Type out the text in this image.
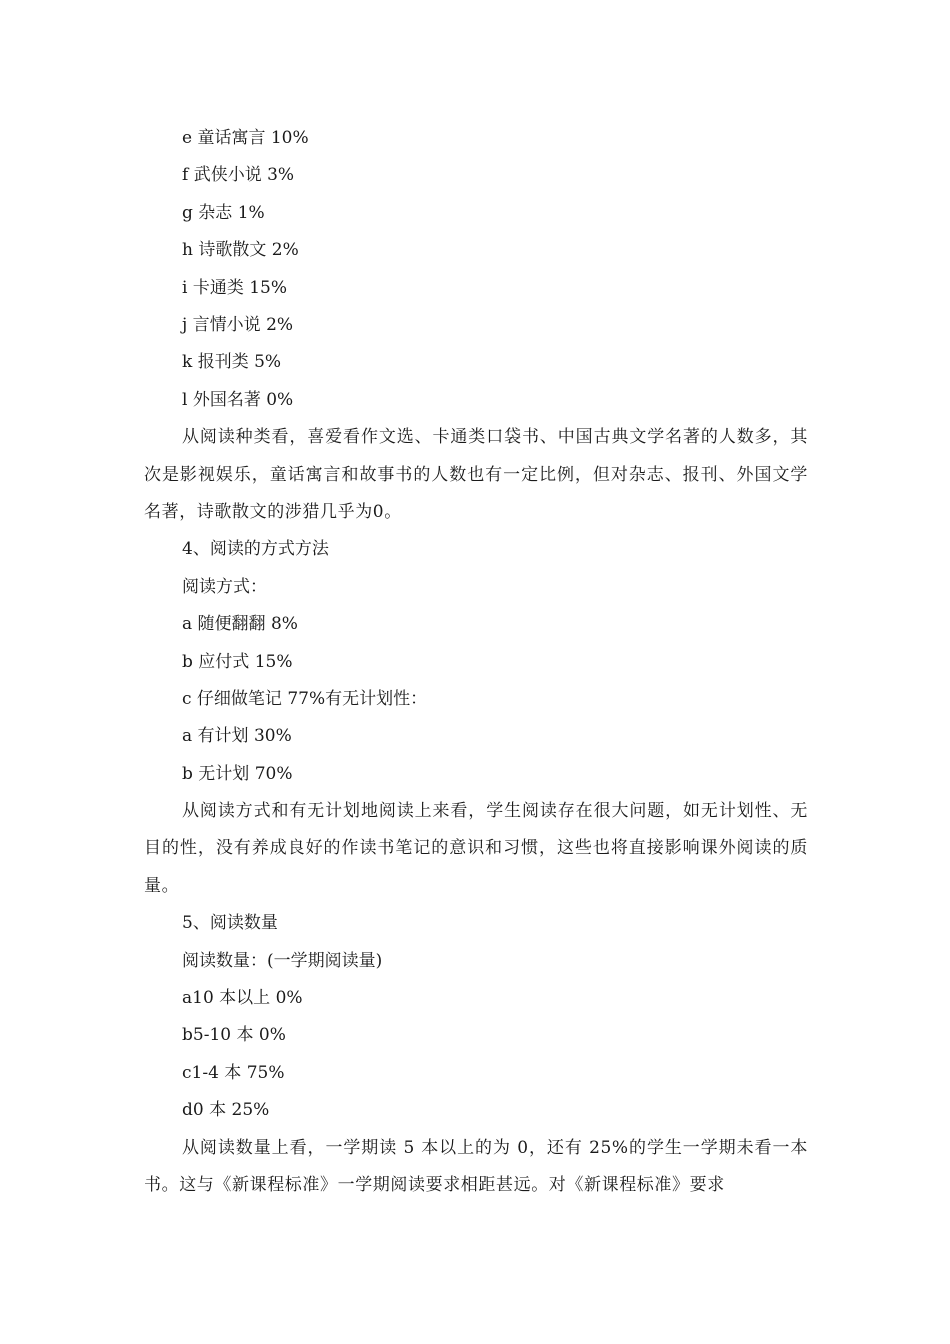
e 童话寓言 10%

f 武侠小说 3%

g 杂志 1%

h 诗歌散文 2%

i 卡通类 15%

j 言情小说 2%

k 报刊类 5%

l 外国名著 0%

从阅读种类看，喜爱看作文选、卡通类口袋书、中国古典文学名著的人数多，其次是影视娱乐，童话寓言和故事书的人数也有一定比例，但对杂志、报刊、外国文学名著，诗歌散文的涉猎几乎为0。

4、阅读的方式方法

阅读方式：

a 随便翻翻 8%

b 应付式 15%

c 仔细做笔记 77%有无计划性：

a 有计划 30%

b 无计划 70%

从阅读方式和有无计划地阅读上来看，学生阅读存在很大问题，如无计划性、无目的性，没有养成良好的作读书笔记的意识和习惯，这些也将直接影响课外阅读的质量。

5、阅读数量

阅读数量：(一学期阅读量)

a10 本以上 0%

b5-10 本 0%

c1-4 本 75%

d0 本 25%

从阅读数量上看，一学期读 5 本以上的为 0，还有 25%的学生一学期未看一本书。这与《新课程标准》一学期阅读要求相距甚远。对《新课程标准》要求
